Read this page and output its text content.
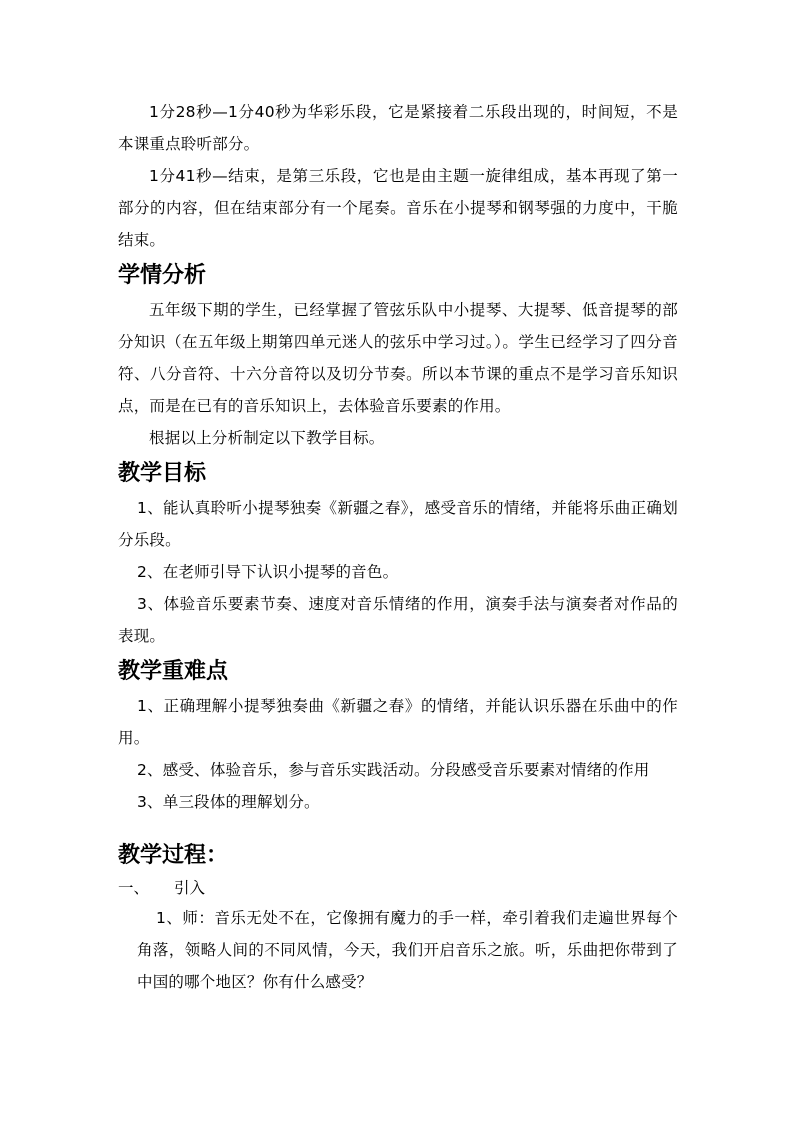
1分28秒—1分40秒为华彩乐段，它是紧接着二乐段出现的，时间短，不是本课重点聆听部分。

1分41秒—结束，是第三乐段，它也是由主题一旋律组成，基本再现了第一部分的内容，但在结束部分有一个尾奏。音乐在小提琴和钢琴强的力度中，干脆结束。

学情分析

五年级下期的学生，已经掌握了管弦乐队中小提琴、大提琴、低音提琴的部分知识（在五年级上期第四单元迷人的弦乐中学习过。）。学生已经学习了四分音符、八分音符、十六分音符以及切分节奏。所以本节课的重点不是学习音乐知识点，而是在已有的音乐知识上，去体验音乐要素的作用。

根据以上分析制定以下教学目标。

教学目标

1、能认真聆听小提琴独奏《新疆之春》，感受音乐的情绪，并能将乐曲正确划分乐段。

2、在老师引导下认识小提琴的音色。

3、体验音乐要素节奏、速度对音乐情绪的作用，演奏手法与演奏者对作品的表现。

教学重难点

1、正确理解小提琴独奏曲《新疆之春》的情绪，并能认识乐器在乐曲中的作用。

2、感受、体验音乐，参与音乐实践活动。分段感受音乐要素对情绪的作用

3、单三段体的理解划分。

教学过程：
一、	引入

1、师：音乐无处不在，它像拥有魔力的手一样，牵引着我们走遍世界每个角落，领略人间的不同风情，今天，我们开启音乐之旅。听，乐曲把你带到了中国的哪个地区？你有什么感受？
